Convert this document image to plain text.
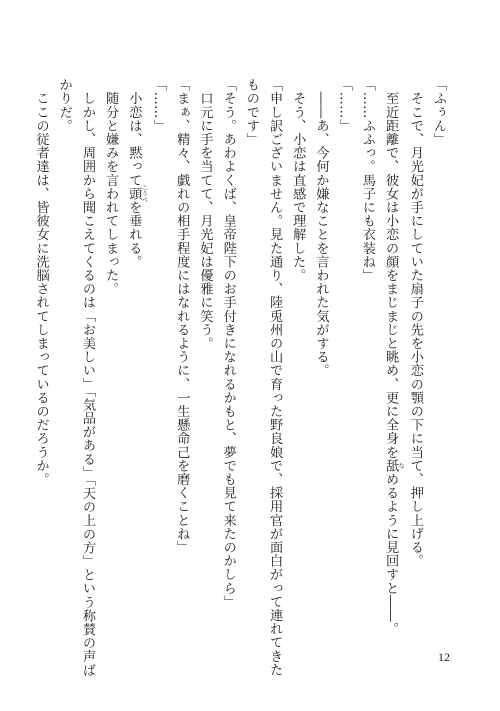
「ふぅん」
　そこで、月光妃が手にしていた扇子の先を小恋の顎の下に当て、押し上げる。
　至近距離で、彼女は小恋の顔をまじまじと眺め、更に全身を舐 なめるように見回すと――。
「……ふふっ。馬子にも衣装ね」
「……」
　――あ、今何か嫌なことを言われた気がする。
　そう、小恋は直感で理解した。
「申し訳ございません。見た通り、陸兎州の山で育った野良娘で、採用官が面白がって連れてきた
ものです」
「そう。あわよくば、皇帝陛下のお手付きになれるかもと、夢でも見て来たのかしら」
　口元に手を当てて、月光妃は優雅に笑う。
「まぁ、精々、戯れの相手程度にはなれるように、一生懸命己を磨くことね」
「……」
　小恋は、黙って頭 こうべを垂れる。
　随分と嫌みを言われてしまった。
　しかし、周囲から聞こえてくるのは「お美しい」「気品がある」「天の上の方」という称賛の声ば
かりだ。
　ここの従者達は、皆彼女に洗脳されてしまっているのだろうか。
12
